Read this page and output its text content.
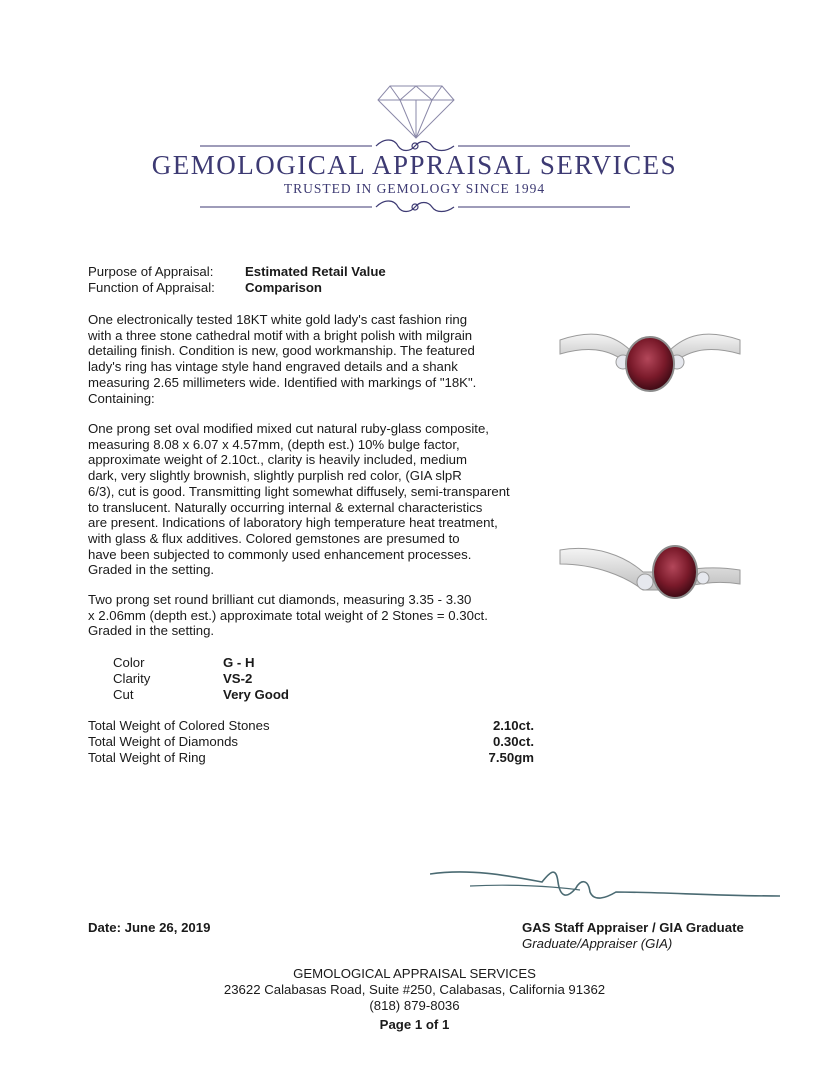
GEMOLOGICAL APPRAISAL SERVICES
TRUSTED IN GEMOLOGY SINCE 1994
Purpose of Appraisal: Estimated Retail Value
Function of Appraisal: Comparison

One electronically tested 18KT white gold lady's cast fashion ring

with a three stone cathedral motif with a bright polish with milgrain

detailing finish. Condition is new, good workmanship. The featured

lady's ring has vintage style hand engraved details and a shank

measuring 2.65 millimeters wide. Identified with markings of "18K".

Containing:

One prong set oval modified mixed cut natural ruby-glass composite,

measuring 8.08 x 6.07 x 4.57mm, (depth est.) 10% bulge factor,

approximate weight of 2.10ct., clarity is heavily included, medium

dark, very slightly brownish, slightly purplish red color, (GIA slpR

6/3), cut is good. Transmitting light somewhat diffusely, semi-transparent

to translucent. Naturally occurring internal & external characteristics

are present. Indications of laboratory high temperature heat treatment,

with glass & flux additives. Colored gemstones are presumed to

have been subjected to commonly used enhancement processes.

Graded in the setting.

Two prong set round brilliant cut diamonds, measuring 3.35 - 3.30

x 2.06mm (depth est.) approximate total weight of 2 Stones = 0.30ct.

Graded in the setting.

Color	G - H
Clarity	VS-2
Cut	Very Good
Total Weight of Colored Stones	2.10ct.
Total Weight of Diamonds	0.30ct.
Total Weight of Ring	7.50gm
Date: June 26, 2019	GAS Staff Appraiser / GIA Graduate
Graduate/Appraiser (GIA)
GEMOLOGICAL APPRAISAL SERVICES
23622 Calabasas Road, Suite #250, Calabasas, California 91362
(818) 879-8036
Page 1 of 1
